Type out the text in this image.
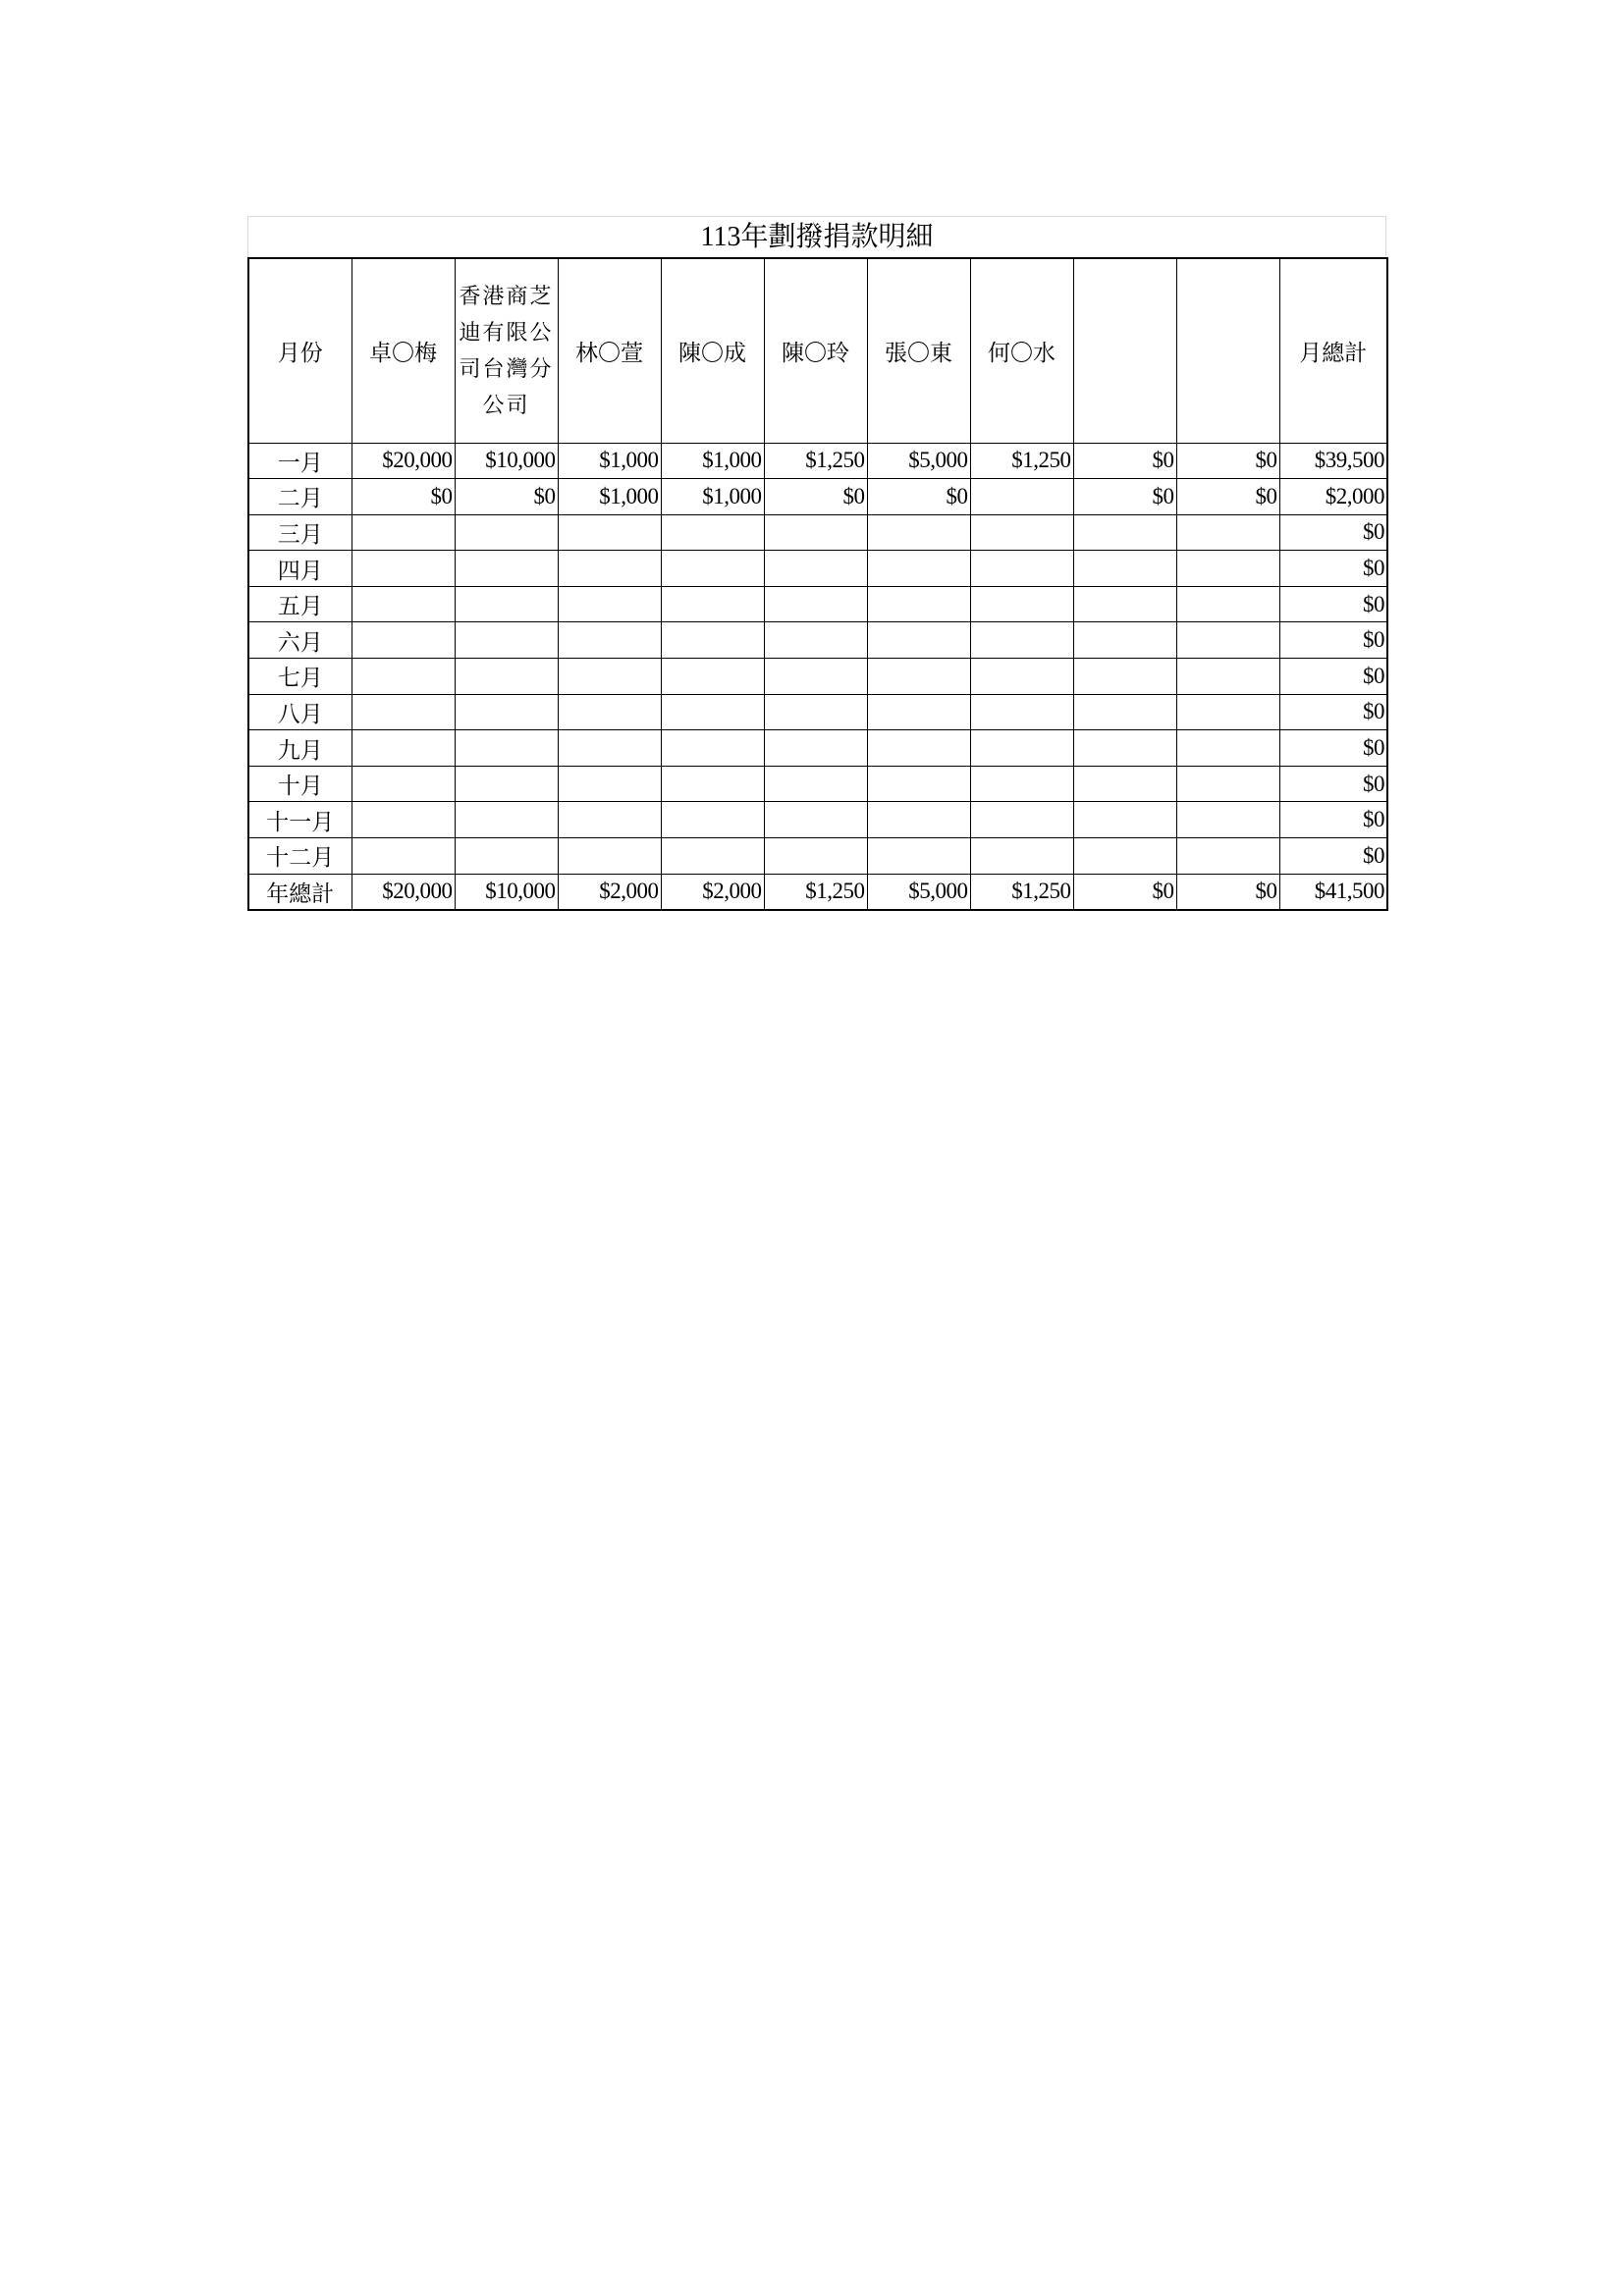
113年劃撥捐款明細
月份	卓〇梅	香港商芝迪有限公司台灣分公司	林〇萱	陳〇成	陳〇玲	張〇東	何〇水			月總計
一月	$20,000	$10,000	$1,000	$1,000	$1,250	$5,000	$1,250	$0	$0	$39,500
二月	$0	$0	$1,000	$1,000	$0	$0		$0	$0	$2,000
三月										$0
四月										$0
五月										$0
六月										$0
七月										$0
八月										$0
九月										$0
十月										$0
十一月										$0
十二月										$0
年總計	$20,000	$10,000	$2,000	$2,000	$1,250	$5,000	$1,250	$0	$0	$41,500
